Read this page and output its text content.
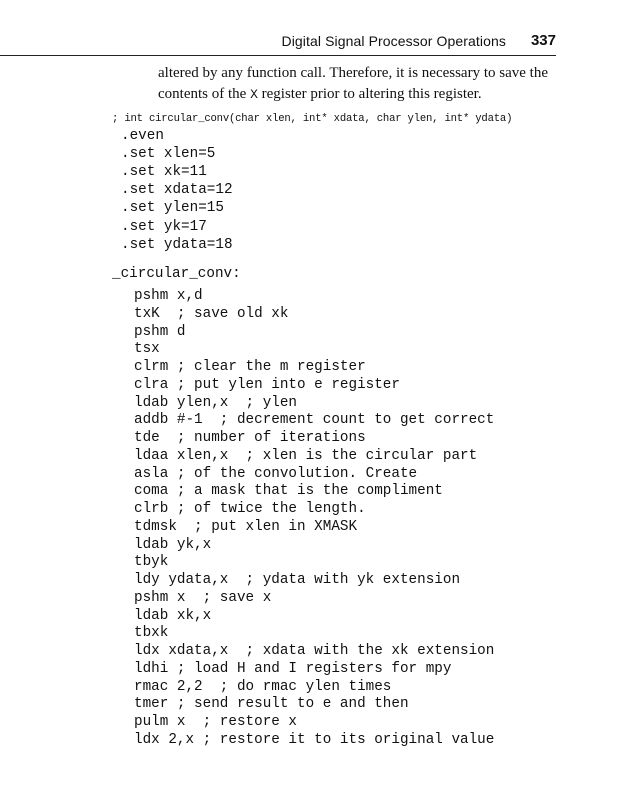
Digital Signal Processor Operations 337
altered by any function call. Therefore, it is necessary to save the
contents of the X register prior to altering this register.
; int circular_conv(char xlen, int* xdata, char ylen, int* ydata)
.even
.set xlen=5
.set xk=11
.set xdata=12
.set ylen=15
.set yk=17
.set ydata=18
_circular_conv:
pshm x,d
txK  ; save old xk
pshm d
tsx
clrm ; clear the m register
clra ; put ylen into e register
ldab ylen,x  ; ylen
addb #-1  ; decrement count to get correct
tde  ; number of iterations
ldaa xlen,x  ; xlen is the circular part
asla ; of the convolution. Create
coma ; a mask that is the compliment
clrb ; of twice the length.
tdmsk  ; put xlen in XMASK
ldab yk,x
tbyk
ldy ydata,x  ; ydata with yk extension
pshm x  ; save x
ldab xk,x
tbxk
ldx xdata,x  ; xdata with the xk extension
ldhi ; load H and I registers for mpy
rmac 2,2  ; do rmac ylen times
tmer ; send result to e and then
pulm x  ; restore x
ldx 2,x ; restore it to its original value
